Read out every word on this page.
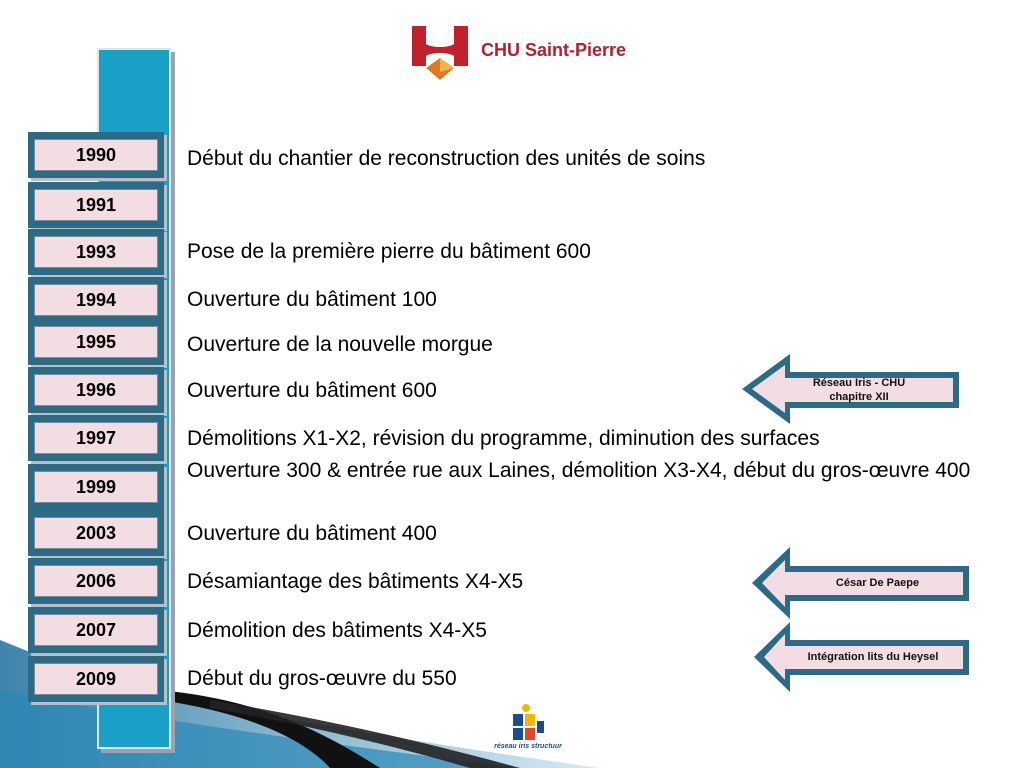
CHU Saint-Pierre
1990
1991
1993
1994
1995
1996
1997
1999
2003
2006
2007
2009
Début du chantier de reconstruction des unités de soins
Pose de la première pierre du bâtiment 600
Ouverture du bâtiment 100
Ouverture de la nouvelle morgue
Ouverture du bâtiment 600
Démolitions X1-X2, révision du programme, diminution des surfaces
Ouverture 300 & entrée rue aux Laines, démolition X3-X4, début du gros-œuvre 400
Ouverture du bâtiment 400
Désamiantage des bâtiments X4-X5
Démolition des bâtiments X4-X5
Début du gros-œuvre du 550
Réseau Iris - CHU chapitre XII
César De Paepe
Intégration lits du Heysel
réseau iris structuur
